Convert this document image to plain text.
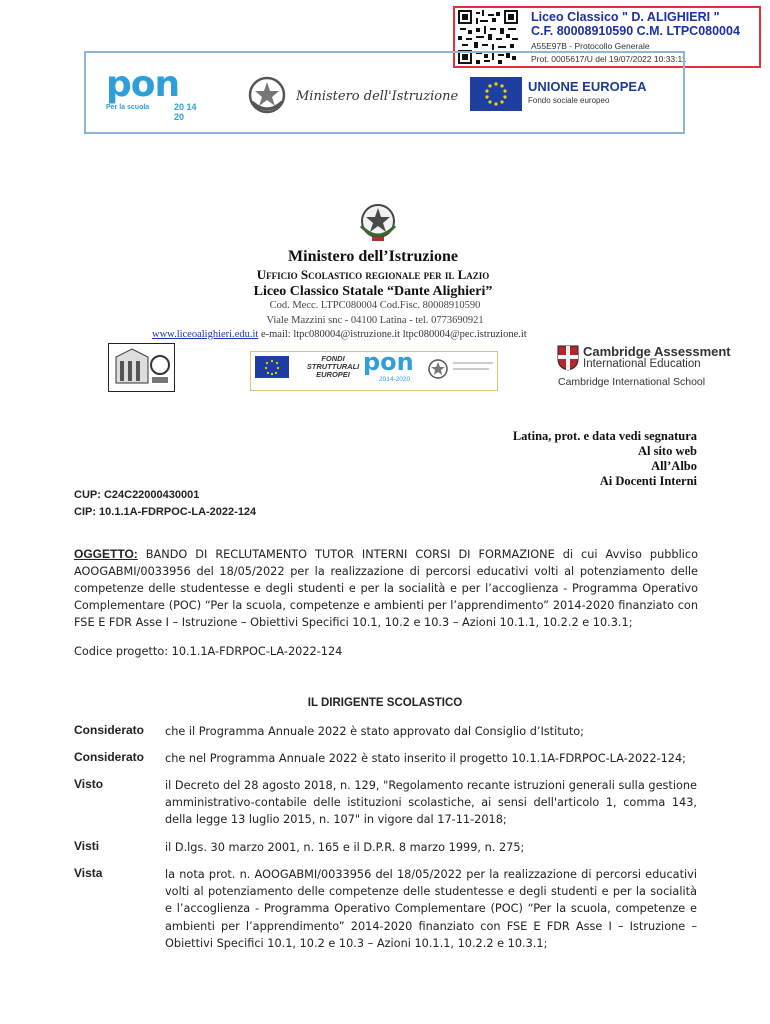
Liceo Classico " D. ALIGHIERI "
C.F. 80008910590 C.M. LTPC080004
A55E97B - Protocollo Generale
Prot. 0005617/U del 19/07/2022 10:33:11
pon
Per la scuola	20 14 20
Ministero dell'Istruzione
UNIONE EUROPEA
Fondo sociale europeo
Ministero dell’Istruzione
Ufficio Scolastico regionale per il Lazio
Liceo Classico Statale “Dante Alighieri”
Cod. Mecc. LTPC080004 Cod.Fisc. 80008910590
Viale Mazzini snc - 04100 Latina - tel. 0773690921
www.liceoalighieri.edu.it e-mail: ltpc080004@istruzione.it ltpc080004@pec.istruzione.it
FONDI STRUTTURALI EUROPEI pon
2014-2020
Cambridge Assessment
International Education
Cambridge International School
Latina, prot. e data vedi segnatura
Al sito web
All’Albo
Ai Docenti Interni
CUP: C24C22000430001
CIP: 10.1.1A-FDRPOC-LA-2022-124
OGGETTO: BANDO DI RECLUTAMENTO TUTOR INTERNI CORSI DI FORMAZIONE di cui Avviso pubblico AOOGABMI/0033956 del 18/05/2022 per la realizzazione di percorsi educativi volti al potenziamento delle competenze delle studentesse e degli studenti e per la socialità e per l’accoglienza - Programma Operativo Complementare (POC) “Per la scuola, competenze e ambienti per l’apprendimento” 2014-2020 finanziato con FSE E FDR Asse I – Istruzione – Obiettivi Specifici 10.1, 10.2 e 10.3 – Azioni 10.1.1, 10.2.2 e 10.3.1;
Codice progetto: 10.1.1A-FDRPOC-LA-2022-124
IL DIRIGENTE SCOLASTICO
Considerato che il Programma Annuale 2022 è stato approvato dal Consiglio d’Istituto;
Considerato che nel Programma Annuale 2022 è stato inserito il progetto 10.1.1A-FDRPOC-LA-2022-124;
Visto	il Decreto del 28 agosto 2018, n. 129, "Regolamento recante istruzioni generali sulla gestione amministrativo-contabile delle istituzioni scolastiche, ai sensi dell'articolo 1, comma 143, della legge 13 luglio 2015, n. 107" in vigore dal 17-11-2018;
Visti	il D.lgs. 30 marzo 2001, n. 165 e il D.P.R. 8 marzo 1999, n. 275;
Vista	la nota prot. n. AOOGABMI/0033956 del 18/05/2022 per la realizzazione di percorsi educativi volti al potenziamento delle competenze delle studentesse e degli studenti e per la socialità e l’accoglienza - Programma Operativo Complementare (POC) “Per la scuola, competenze e ambienti per l’apprendimento” 2014-2020 finanziato con FSE E FDR Asse I – Istruzione – Obiettivi Specifici 10.1, 10.2 e 10.3 – Azioni 10.1.1, 10.2.2 e 10.3.1;
